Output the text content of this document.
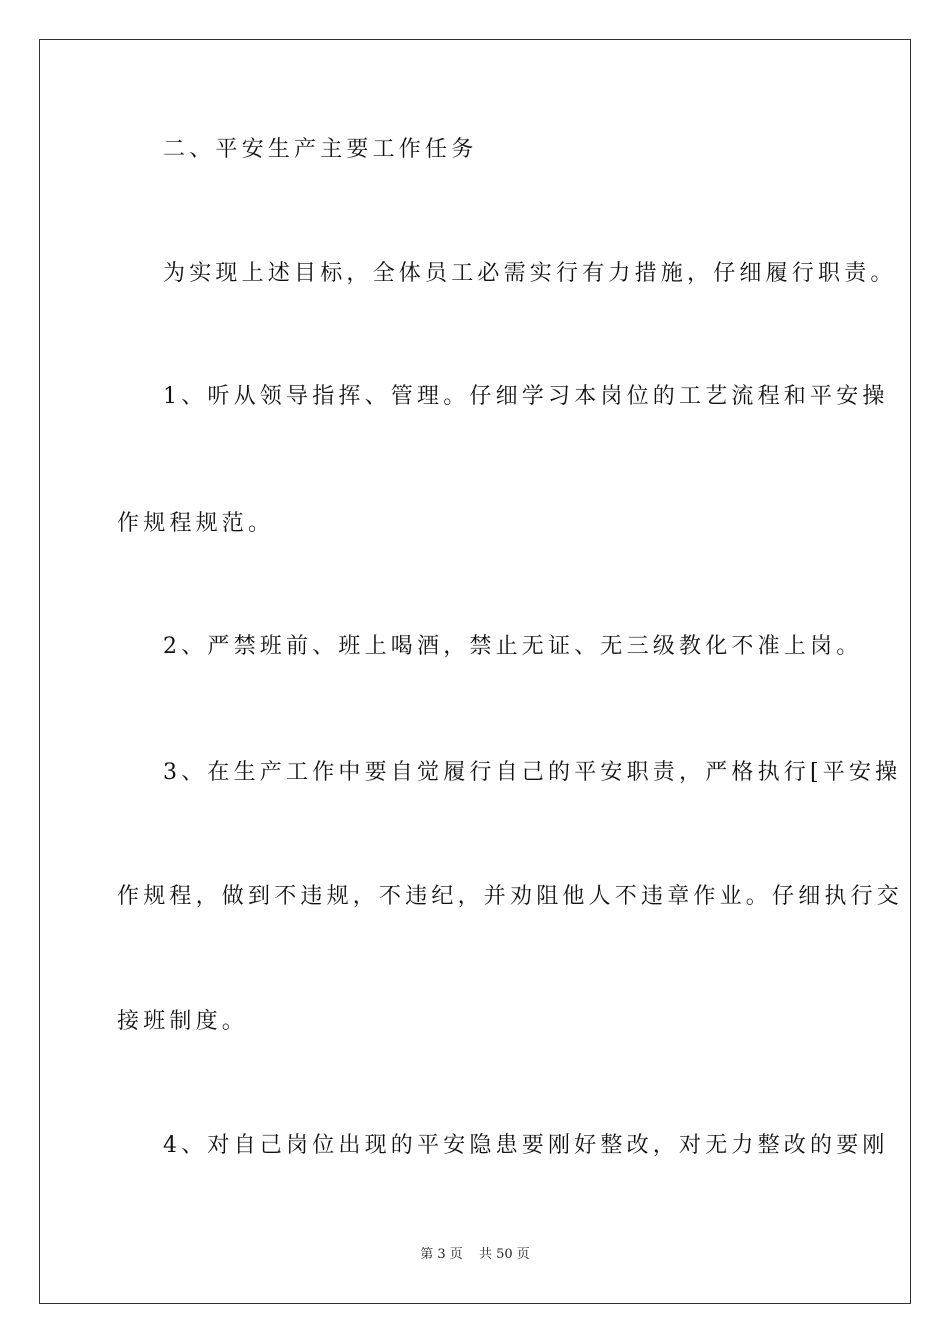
二、平安生产主要工作任务
为实现上述目标，全体员工必需实行有力措施，仔细履行职责。
1、听从领导指挥、管理。仔细学习本岗位的工艺流程和平安操
作规程规范。
2、严禁班前、班上喝酒，禁止无证、无三级教化不准上岗。
3、在生产工作中要自觉履行自己的平安职责，严格执行[平安操
作规程，做到不违规，不违纪，并劝阻他人不违章作业。仔细执行交
接班制度。
4、对自己岗位出现的平安隐患要刚好整改，对无力整改的要刚
第 3 页 共 50 页
